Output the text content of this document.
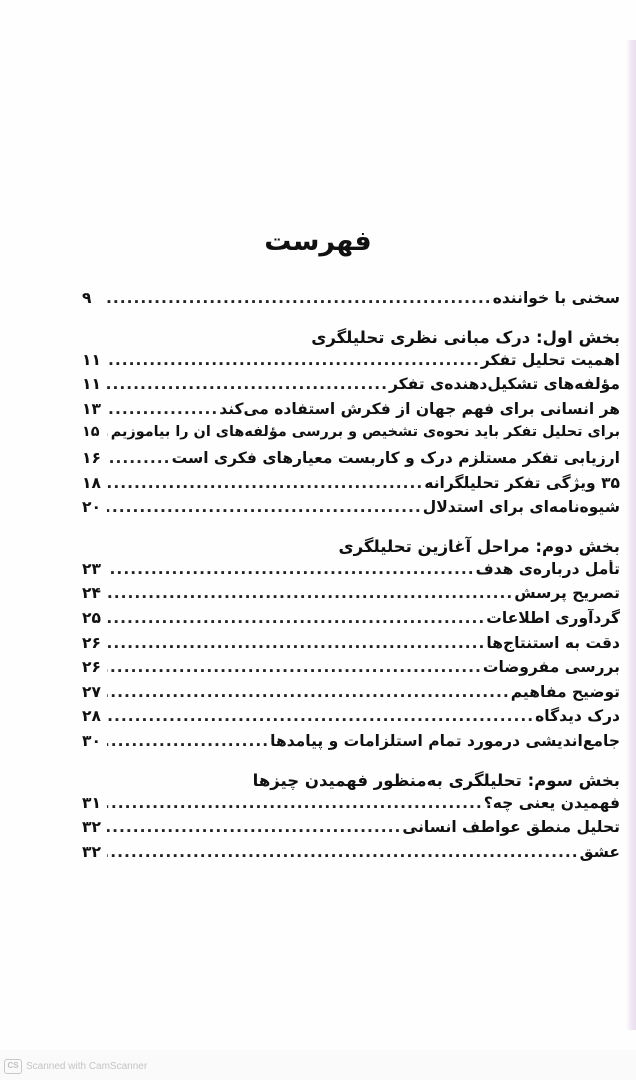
فهرست
سخنی با خواننده
.....
۹
بخش اول: درک مبانی نظری تحلیلگری
اهمیت تحلیل تفکر
.....
۱۱
مؤلفه‌های تشکیل‌دهنده‌ی تفکر
.....
۱۱
هر انسانی برای فهم جهان از فکرش استفاده می‌کند
.....
۱۳
برای تحلیل تفکر باید نحوه‌ی تشخیص و بررسی مؤلفه‌های آن را بیاموزیم
.....
۱۵
ارزیابی تفکر مستلزم درک و کاربست معیارهای فکری است
.....
۱۶
۳۵ ویژگی تفکر تحلیلگرانه
.....
۱۸
شیوه‌نامه‌ای برای استدلال
.....
۲۰
بخش دوم: مراحل آغازین تحلیلگری
تأمل درباره‌ی هدف
.....
۲۳
تصریح پرسش
.....
۲۴
گردآوری اطلاعات
.....
۲۵
دقت به استنتاج‌ها
.....
۲۶
بررسی مفروضات
.....
۲۶
توضیح مفاهیم
.....
۲۷
درک دیدگاه
.....
۲۸
جامع‌اندیشی درمورد تمام استلزامات و پیامدها
.....
۳۰
بخش سوم: تحلیلگری به‌منظور فهمیدن چیزها
فهمیدن یعنی چه؟
.....
۳۱
تحلیل منطق عواطف انسانی
.....
۳۲
عشق
.....
۳۲
CS Scanned with CamScanner
